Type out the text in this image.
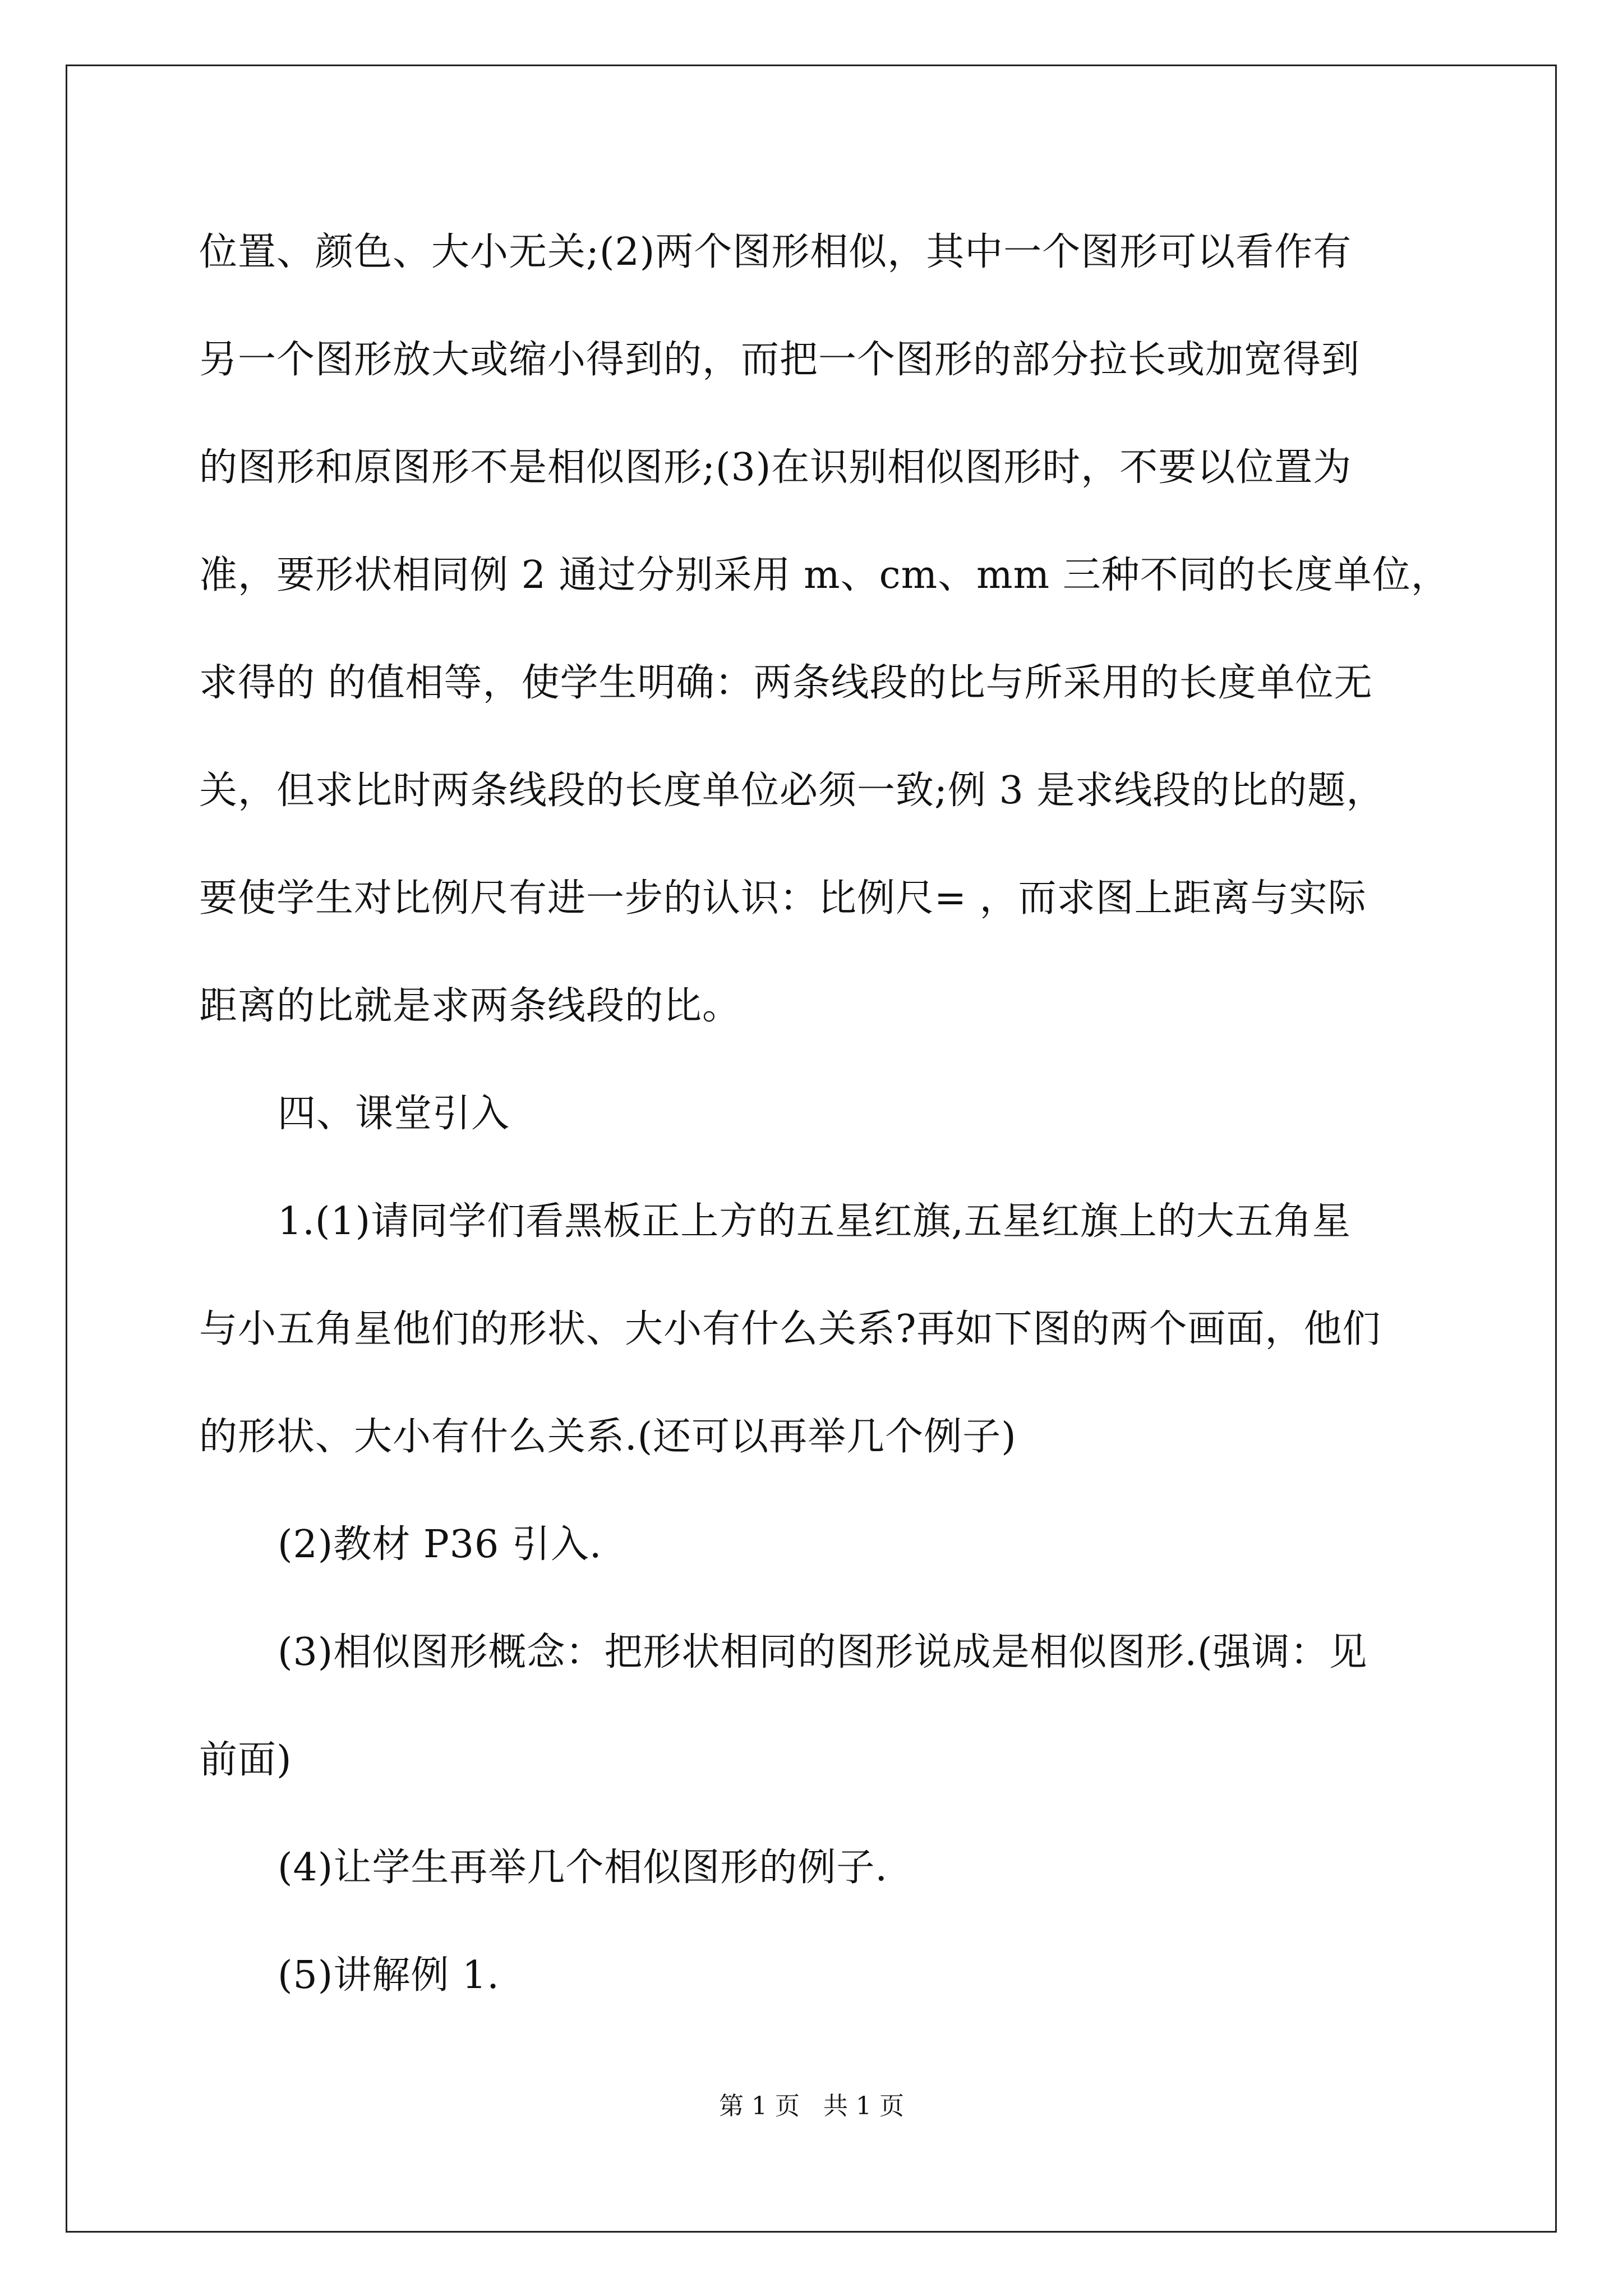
位置、颜色、大小无关;(2)两个图形相似，其中一个图形可以看作有
另一个图形放大或缩小得到的，而把一个图形的部分拉长或加宽得到
的图形和原图形不是相似图形;(3)在识别相似图形时，不要以位置为
准，要形状相同例 2 通过分别采用 m、cm、mm 三种不同的长度单位，
求得的 的值相等，使学生明确：两条线段的比与所采用的长度单位无
关，但求比时两条线段的长度单位必须一致;例 3 是求线段的比的题，
要使学生对比例尺有进一步的认识：比例尺= ，而求图上距离与实际
距离的比就是求两条线段的比。
四、课堂引入
1.(1)请同学们看黑板正上方的五星红旗,五星红旗上的大五角星
与小五角星他们的形状、大小有什么关系?再如下图的两个画面，他们
的形状、大小有什么关系.(还可以再举几个例子)
(2)教材 P36 引入.
(3)相似图形概念：把形状相同的图形说成是相似图形.(强调：见
前面)
(4)让学生再举几个相似图形的例子.
(5)讲解例 1.
第 1 页   共 1 页
